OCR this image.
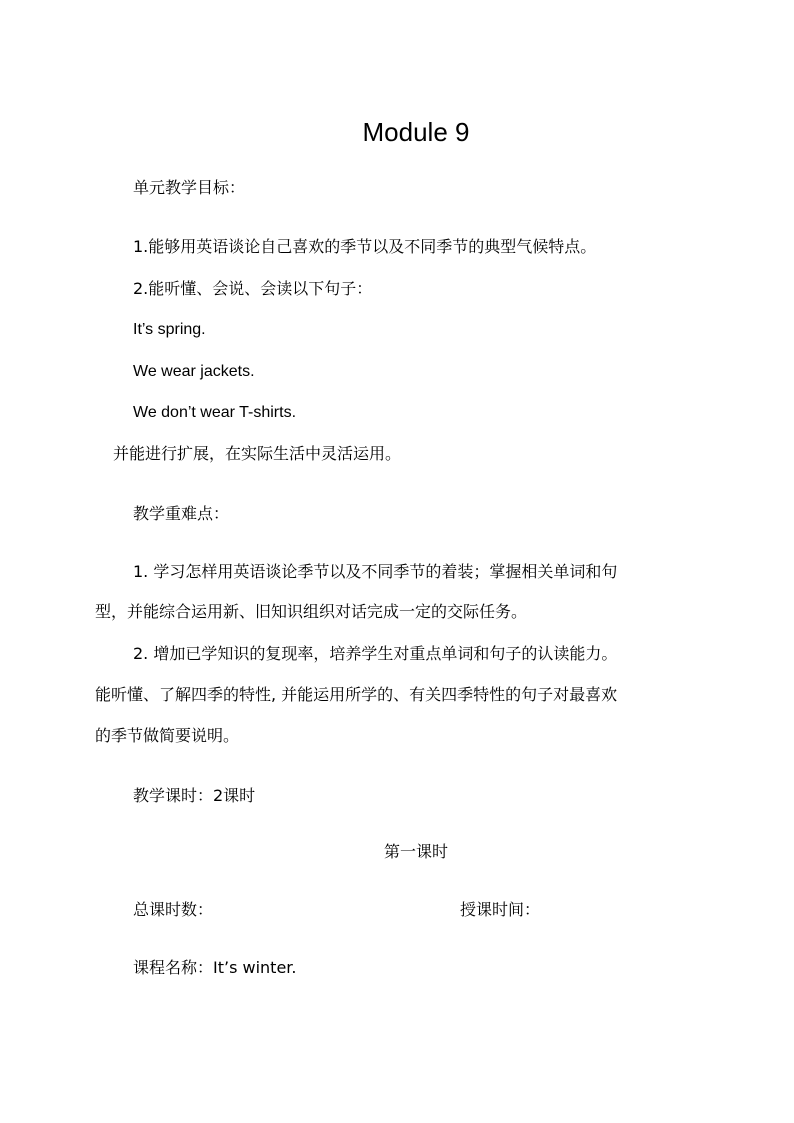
Module 9
单元教学目标：
1.能够用英语谈论自己喜欢的季节以及不同季节的典型气候特点。
2.能听懂、会说、会读以下句子：
It’s spring.
We wear jackets.
We don’t wear T-shirts.
并能进行扩展，在实际生活中灵活运用。
教学重难点：
1. 学习怎样用英语谈论季节以及不同季节的着装；掌握相关单词和句
型，并能综合运用新、旧知识组织对话完成一定的交际任务。
2. 增加已学知识的复现率，培养学生对重点单词和句子的认读能力。
能听懂、了解四季的特性, 并能运用所学的、有关四季特性的句子对最喜欢
的季节做简要说明。
教学课时：2课时
第一课时
总课时数：	授课时间：
课程名称：It’s winter.
